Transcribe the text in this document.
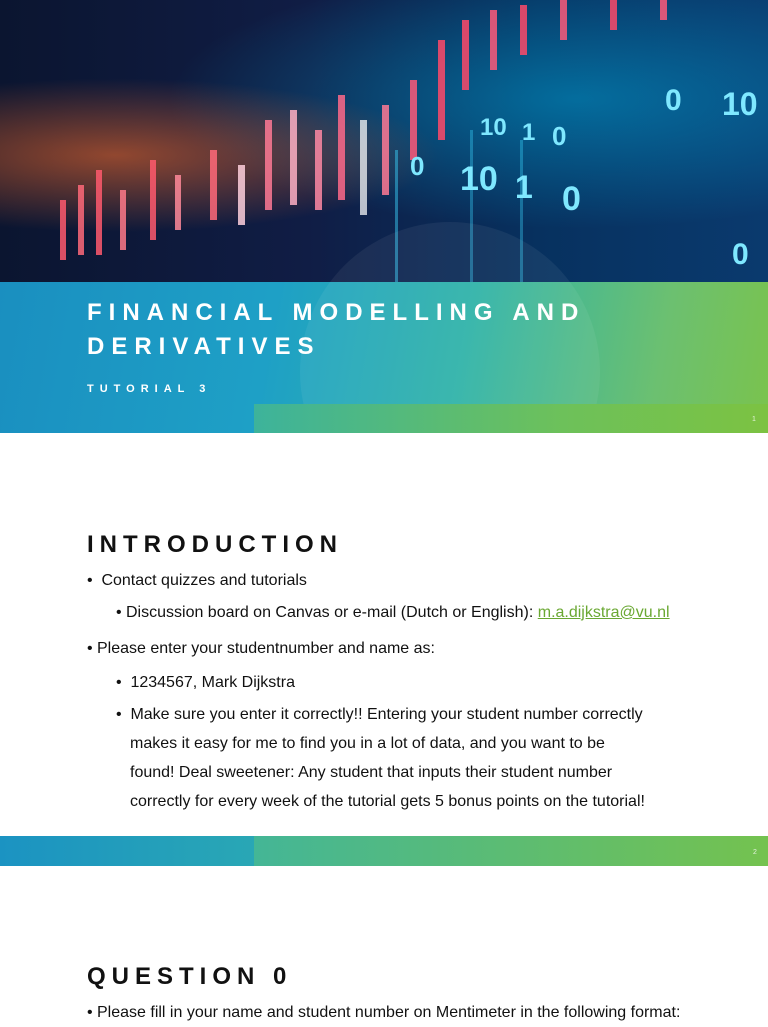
0 10
10 1 0
0 10 1 0
0
FINANCIAL MODELLING AND DERIVATIVES
TUTORIAL 3
1
INTRODUCTION
• Contact quizzes and tutorials
• Discussion board on Canvas or e-mail (Dutch or English): m.a.dijkstra@vu.nl
• Please enter your studentnumber and name as:
• 1234567, Mark Dijkstra
• Make sure you enter it correctly!! Entering your student number correctly
makes it easy for me to find you in a lot of data, and you want to be
found! Deal sweetener: Any student that inputs their student number
correctly for every week of the tutorial gets 5 bonus points on the tutorial!
2
QUESTION 0
• Please fill in your name and student number on Mentimeter in the following format:
